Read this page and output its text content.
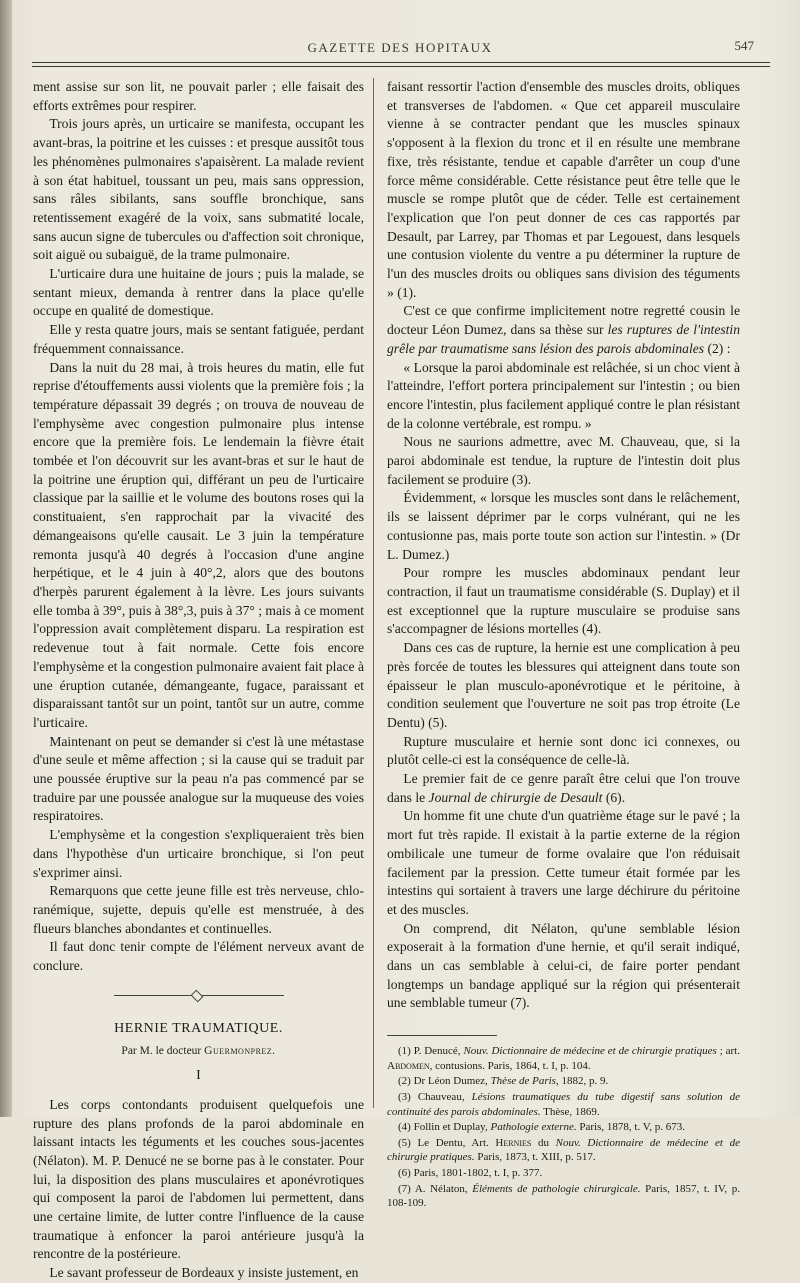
GAZETTE DES HOPITAUX	547

ment assise sur son lit, ne pouvait parler ; elle faisait des efforts extrêmes pour respirer.

Trois jours après, un urticaire se manifesta, occupant les avant-bras, la poitrine et les cuisses : et presque aussitôt tous les phénomènes pulmonaires s'apaisèrent. La malade revient à son état habituel, toussant un peu, mais sans oppression, sans râles sibilants, sans souffle bronchique, sans retentissement exagéré de la voix, sans submatité locale, sans aucun signe de tubercules ou d'affection soit chronique, soit aiguë ou subaiguë, de la trame pulmonaire.

L'urticaire dura une huitaine de jours ; puis la malade, se sentant mieux, demanda à rentrer dans la place qu'elle occupe en qualité de domestique.

Elle y resta quatre jours, mais se sentant fatiguée, perdant fréquemment connaissance.

Dans la nuit du 28 mai, à trois heures du matin, elle fut reprise d'étouffements aussi violents que la première fois ; la température dépassait 39 degrés ; on trouva de nouveau de l'emphysème avec congestion pulmonaire plus intense encore que la première fois. Le lendemain la fièvre était tombée et l'on découvrit sur les avant-bras et sur le haut de la poitrine une éruption qui, différant un peu de l'urticaire classique par la saillie et le volume des boutons roses qui la constituaient, s'en rapprochait par la vivacité des démangeaisons qu'elle causait. Le 3 juin la température remonta jusqu'à 40 degrés à l'occasion d'une angine herpétique, et le 4 juin à 40°,2, alors que des boutons d'herpès parurent également à la lèvre. Les jours suivants elle tomba à 39°, puis à 38°,3, puis à 37° ; mais à ce moment l'oppression avait complètement disparu. La respiration est redevenue tout à fait normale. Cette fois encore l'emphysème et la congestion pulmonaire avaient fait place à une éruption cutanée, démangeante, fugace, paraissant et disparaissant tantôt sur un point, tantôt sur un autre, comme l'urticaire.

Maintenant on peut se demander si c'est là une métastase d'une seule et même affection ; si la cause qui se traduit par une poussée éruptive sur la peau n'a pas commencé par se traduire par une poussée analogue sur la muqueuse des voies respiratoires.

L'emphysème et la congestion s'expliqueraient très bien dans l'hypothèse d'un urticaire bronchique, si l'on peut s'exprimer ainsi.

Remarquons que cette jeune fille est très nerveuse, chlo-ranémique, sujette, depuis qu'elle est menstruée, à des flueurs blanches abondantes et continuelles.

Il faut donc tenir compte de l'élément nerveux avant de conclure.

HERNIE TRAUMATIQUE.
Par M. le docteur Guermonprez.
I

Les corps contondants produisent quelquefois une rupture des plans profonds de la paroi abdominale en laissant intacts les téguments et les couches sous-jacentes (Nélaton). M. P. Denucé ne se borne pas à le constater. Pour lui, la disposition des plans musculaires et aponévrotiques qui composent la paroi de l'abdomen lui permettent, dans une certaine limite, de lutter contre l'influence de la cause traumatique à enfoncer la paroi antérieure jusqu'à la rencontre de la postérieure.

Le savant professeur de Bordeaux y insiste justement, en

faisant ressortir l'action d'ensemble des muscles droits, obliques et transverses de l'abdomen. « Que cet appareil musculaire vienne à se contracter pendant que les muscles spinaux s'opposent à la flexion du tronc et il en résulte une membrane fixe, très résistante, tendue et capable d'arrêter un coup d'une force même considérable. Cette résistance peut être telle que le muscle se rompe plutôt que de céder. Telle est certainement l'explication que l'on peut donner de ces cas rapportés par Desault, par Larrey, par Thomas et par Legouest, dans lesquels une contusion violente du ventre a pu déterminer la rupture de l'un des muscles droits ou obliques sans division des téguments » (1).

C'est ce que confirme implicitement notre regretté cousin le docteur Léon Dumez, dans sa thèse sur les ruptures de l'intestin grêle par traumatisme sans lésion des parois abdominales (2) :

« Lorsque la paroi abdominale est relâchée, si un choc vient à l'atteindre, l'effort portera principalement sur l'intestin ; ou bien encore l'intestin, plus facilement appliqué contre le plan résistant de la colonne vertébrale, est rompu. »

Nous ne saurions admettre, avec M. Chauveau, que, si la paroi abdominale est tendue, la rupture de l'intestin doit plus facilement se produire (3).

Évidemment, « lorsque les muscles sont dans le relâchement, ils se laissent déprimer par le corps vulnérant, qui ne les contusionne pas, mais porte toute son action sur l'intestin. » (Dr L. Dumez.)

Pour rompre les muscles abdominaux pendant leur contraction, il faut un traumatisme considérable (S. Duplay) et il est exceptionnel que la rupture musculaire se produise sans s'accompagner de lésions mortelles (4).

Dans ces cas de rupture, la hernie est une complication à peu près forcée de toutes les blessures qui atteignent dans toute son épaisseur le plan musculo-aponévrotique et le péritoine, à condition seulement que l'ouverture ne soit pas trop étroite (Le Dentu) (5).

Rupture musculaire et hernie sont donc ici connexes, ou plutôt celle-ci est la conséquence de celle-là.

Le premier fait de ce genre paraît être celui que l'on trouve dans le Journal de chirurgie de Desault (6).

Un homme fit une chute d'un quatrième étage sur le pavé ; la mort fut très rapide. Il existait à la partie externe de la région ombilicale une tumeur de forme ovalaire que l'on réduisait facilement par la pression. Cette tumeur était formée par les intestins qui sortaient à travers une large déchirure du péritoine et des muscles.

On comprend, dit Nélaton, qu'une semblable lésion exposerait à la formation d'une hernie, et qu'il serait indiqué, dans un cas semblable à celui-ci, de faire porter pendant longtemps un bandage appliqué sur la région qui présenterait une semblable tumeur (7).

(1) P. Denucé, Nouv. Dictionnaire de médecine et de chirurgie pratiques ; art. Abdomen, contusions. Paris, 1864, t. I, p. 104.

(2) Dr Léon Dumez, Thèse de Paris, 1882, p. 9.

(3) Chauveau, Lésions traumatiques du tube digestif sans solution de continuité des parois abdominales. Thèse, 1869.

(4) Follin et Duplay, Pathologie externe. Paris, 1878, t. V, p. 673.

(5) Le Dentu, Art. Hernies du Nouv. Dictionnaire de médecine et de chirurgie pratiques. Paris, 1873, t. XIII, p. 517.

(6) Paris, 1801-1802, t. I, p. 377.

(7) A. Nélaton, Éléments de pathologie chirurgicale. Paris, 1857, t. IV, p. 108-109.
